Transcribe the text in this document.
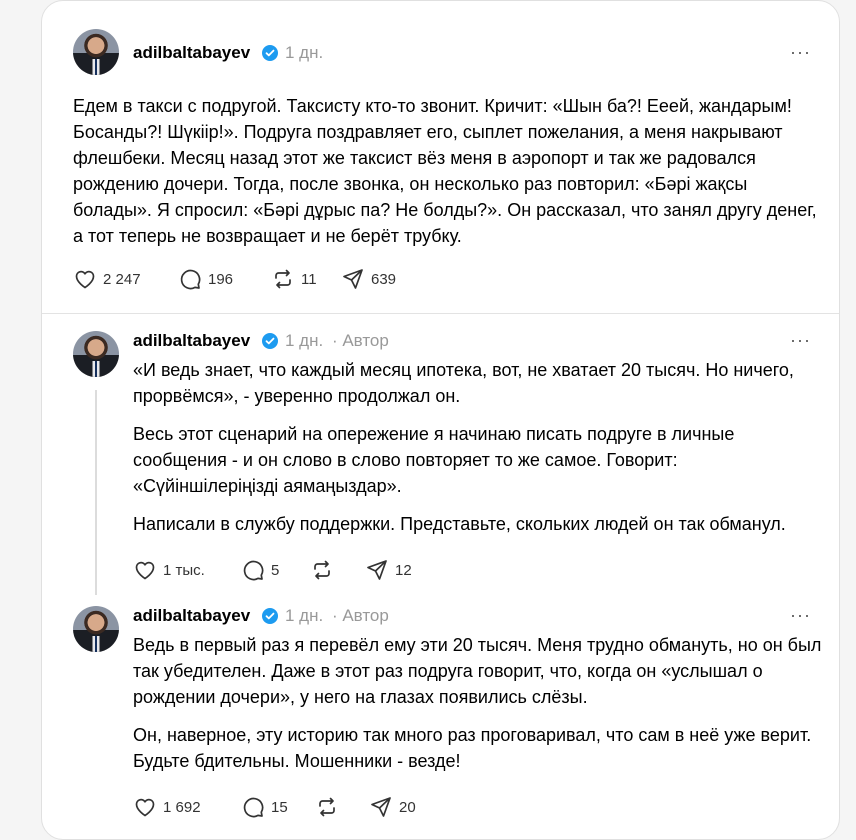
adilbaltabayev 1 дн.	···

Едем в такси с подругой. Таксисту кто-то звонит. Кричит: «Шын ба?! Ееей, жандарым! Босанды?! Шүкіiр!». Подруга поздравляет его, сыплет пожелания, а меня накрывают флешбеки. Месяц назад этот же таксист вёз меня в аэропорт и так же радовался рождению дочери. Тогда, после звонка, он несколько раз повторил: «Бәрі жақсы болады». Я спросил: «Бәрі дұрыс па? Не болды?». Он рассказал, что занял другу денег, а тот теперь не возвращает и не берёт трубку.

2 247	196	11	639
adilbaltabayev 1 дн. · Автор	···

«И ведь знает, что каждый месяц ипотека, вот, не хватает 20 тысяч. Но ничего, прорвёмся», - уверенно продолжал он.

Весь этот сценарий на опережение я начинаю писать подруге в личные сообщения - и он слово в слово повторяет то же самое. Говорит: «Сүйіншілеріңізді аямаңыздар».

Написали в службу поддержки. Представьте, скольких людей он так обманул.

1 тыс.	5	12
adilbaltabayev 1 дн. · Автор	···

Ведь в первый раз я перевёл ему эти 20 тысяч. Меня трудно обмануть, но он был так убедителен. Даже в этот раз подруга говорит, что, когда он «услышал о рождении дочери», у него на глазах появились слёзы.

Он, наверное, эту историю так много раз проговаривал, что сам в неё уже верит. Будьте бдительны. Мошенники - везде!

1 692	15	20
